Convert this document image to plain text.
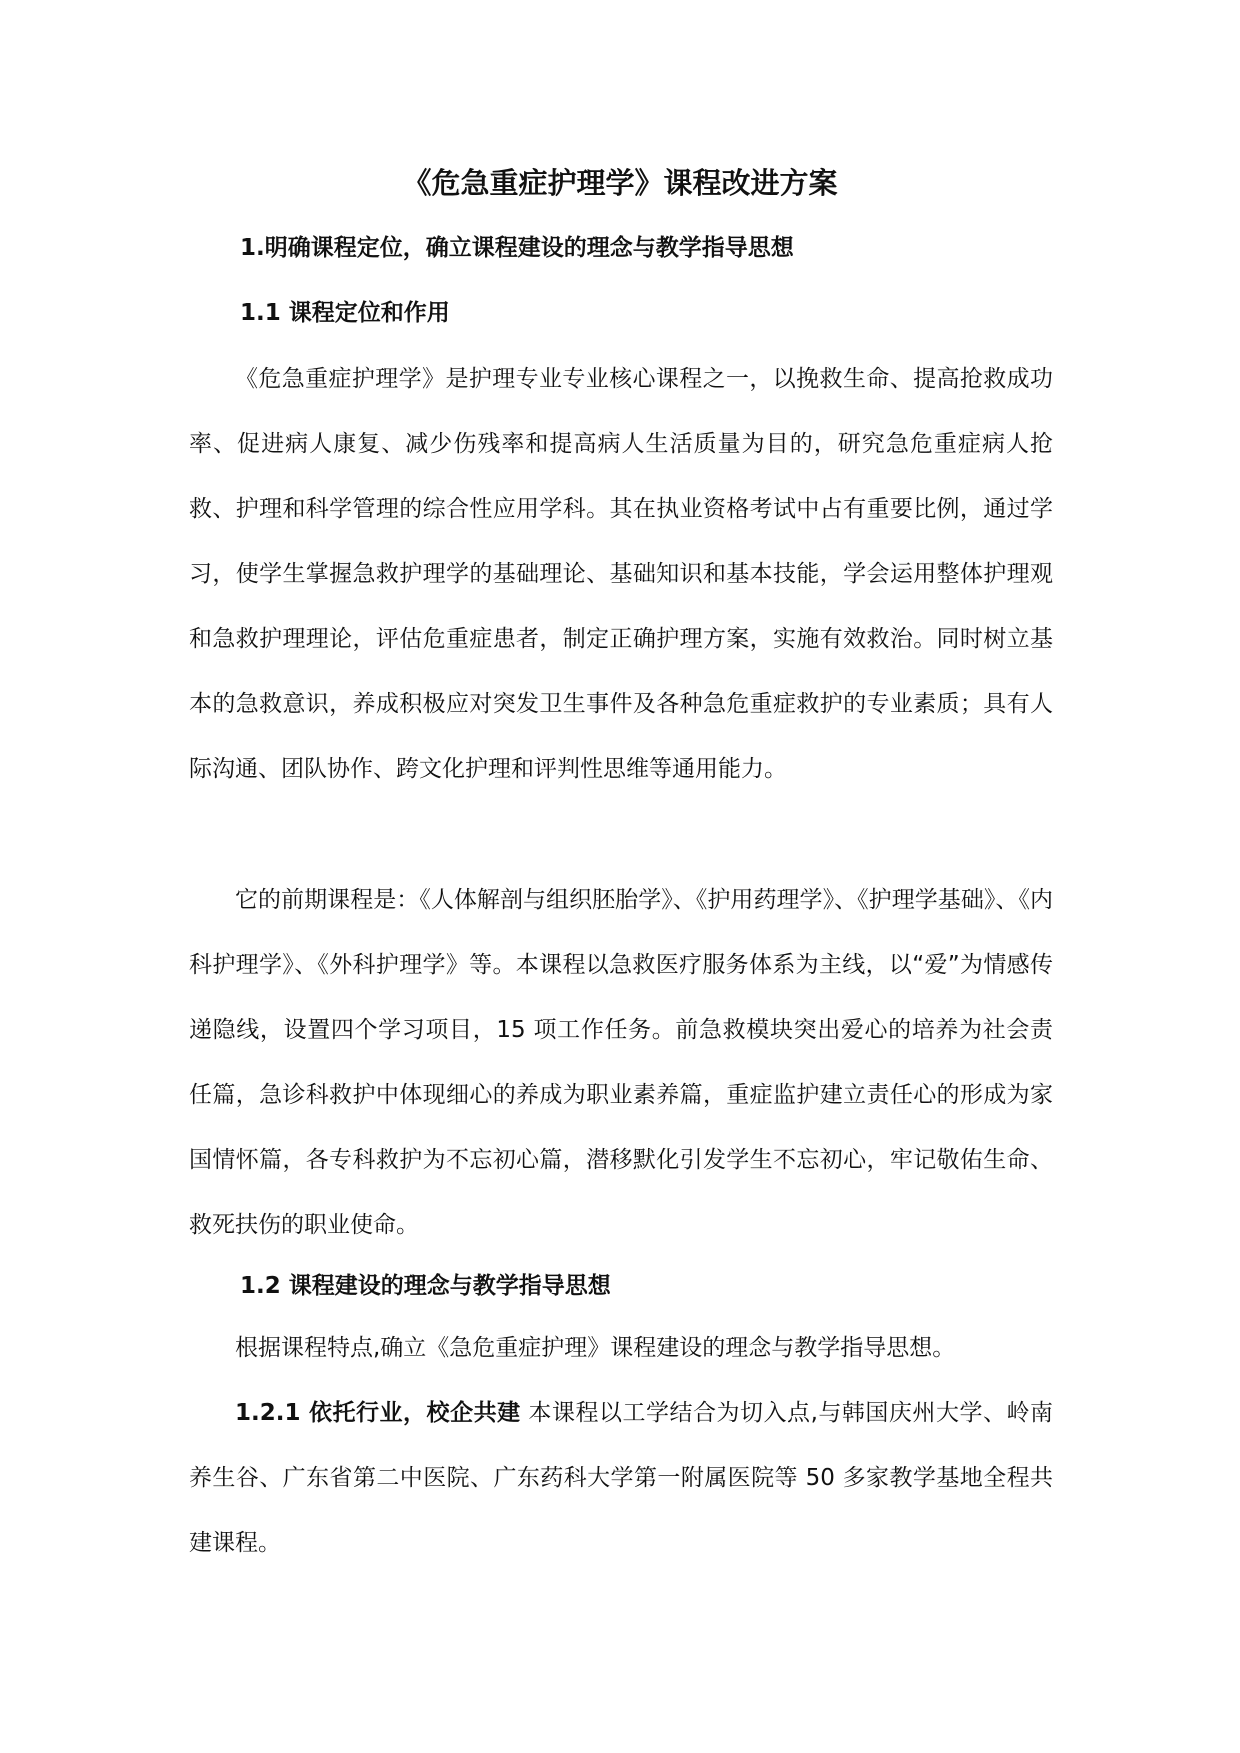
《危急重症护理学》课程改进方案
1.明确课程定位，确立课程建设的理念与教学指导思想
1.1 课程定位和作用

《危急重症护理学》是护理专业专业核心课程之一，以挽救生命、提高抢救成功率、促进病人康复、减少伤残率和提高病人生活质量为目的，研究急危重症病人抢救、护理和科学管理的综合性应用学科。其在执业资格考试中占有重要比例，通过学习，使学生掌握急救护理学的基础理论、基础知识和基本技能，学会运用整体护理观和急救护理理论，评估危重症患者，制定正确护理方案，实施有效救治。同时树立基本的急救意识，养成积极应对突发卫生事件及各种急危重症救护的专业素质；具有人际沟通、团队协作、跨文化护理和评判性思维等通用能力。

它的前期课程是：《人体解剖与组织胚胎学》、《护用药理学》、《护理学基础》、《内科护理学》、《外科护理学》等。本课程以急救医疗服务体系为主线，以“爱”为情感传递隐线，设置四个学习项目，15 项工作任务。前急救模块突出爱心的培养为社会责任篇，急诊科救护中体现细心的养成为职业素养篇，重症监护建立责任心的形成为家国情怀篇，各专科救护为不忘初心篇，潜移默化引发学生不忘初心，牢记敬佑生命、救死扶伤的职业使命。

1.2 课程建设的理念与教学指导思想

根据课程特点,确立《急危重症护理》课程建设的理念与教学指导思想。

1.2.1 依托行业，校企共建 本课程以工学结合为切入点,与韩国庆州大学、岭南养生谷、广东省第二中医院、广东药科大学第一附属医院等 50 多家教学基地全程共建课程。
